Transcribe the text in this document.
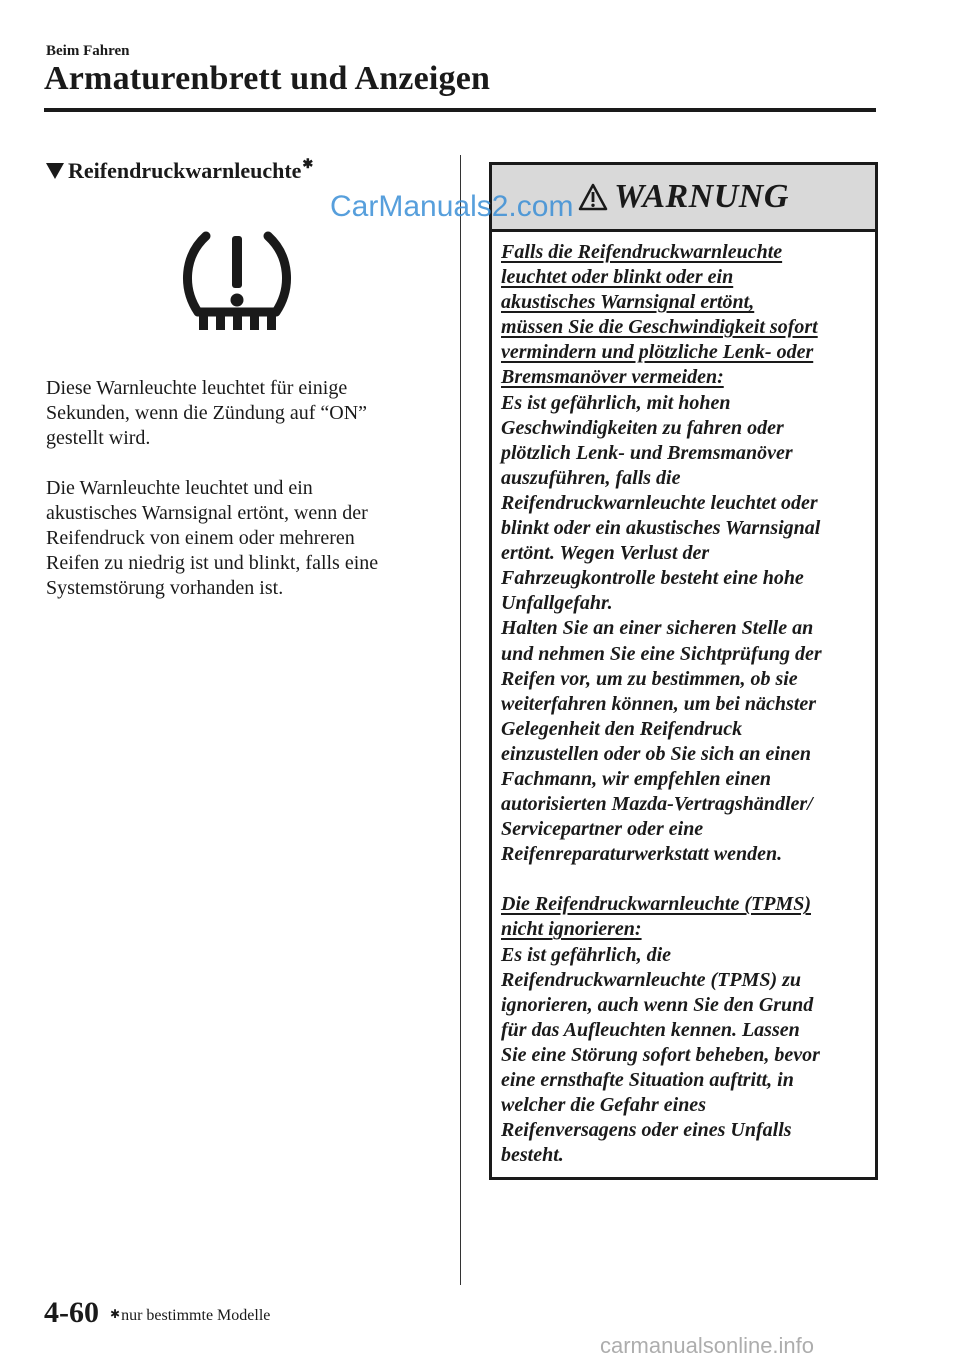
Beim Fahren
Armaturenbrett und Anzeigen
Reifendruckwarnleuchte ✱
Diese Warnleuchte leuchtet für einige
Sekunden, wenn die Zündung auf “ON”
gestellt wird.
Die Warnleuchte leuchtet und ein
akustisches Warnsignal ertönt, wenn der
Reifendruck von einem oder mehreren
Reifen zu niedrig ist und blinkt, falls eine
Systemstörung vorhanden ist.
WARNUNG
Falls die Reifendruckwarnleuchte
leuchtet oder blinkt oder ein
akustisches Warnsignal ertönt,
müssen Sie die Geschwindigkeit sofort
vermindern und plötzliche Lenk- oder
Bremsmanöver vermeiden:
Es ist gefährlich, mit hohen
Geschwindigkeiten zu fahren oder
plötzlich Lenk- und Bremsmanöver
auszuführen, falls die
Reifendruckwarnleuchte leuchtet oder
blinkt oder ein akustisches Warnsignal
ertönt. Wegen Verlust der
Fahrzeugkontrolle besteht eine hohe
Unfallgefahr.
Halten Sie an einer sicheren Stelle an
und nehmen Sie eine Sichtprüfung der
Reifen vor, um zu bestimmen, ob sie
weiterfahren können, um bei nächster
Gelegenheit den Reifendruck
einzustellen oder ob Sie sich an einen
Fachmann, wir empfehlen einen
autorisierten Mazda-Vertragshändler/
Servicepartner oder eine
Reifenreparaturwerkstatt wenden.
Die Reifendruckwarnleuchte (TPMS)
nicht ignorieren:
Es ist gefährlich, die
Reifendruckwarnleuchte (TPMS) zu
ignorieren, auch wenn Sie den Grund
für das Aufleuchten kennen. Lassen
Sie eine Störung sofort beheben, bevor
eine ernsthafte Situation auftritt, in
welcher die Gefahr eines
Reifenversagens oder eines Unfalls
besteht.
CarManuals2.com
4-60 ✱nur bestimmte Modelle
carmanualsonline.info
